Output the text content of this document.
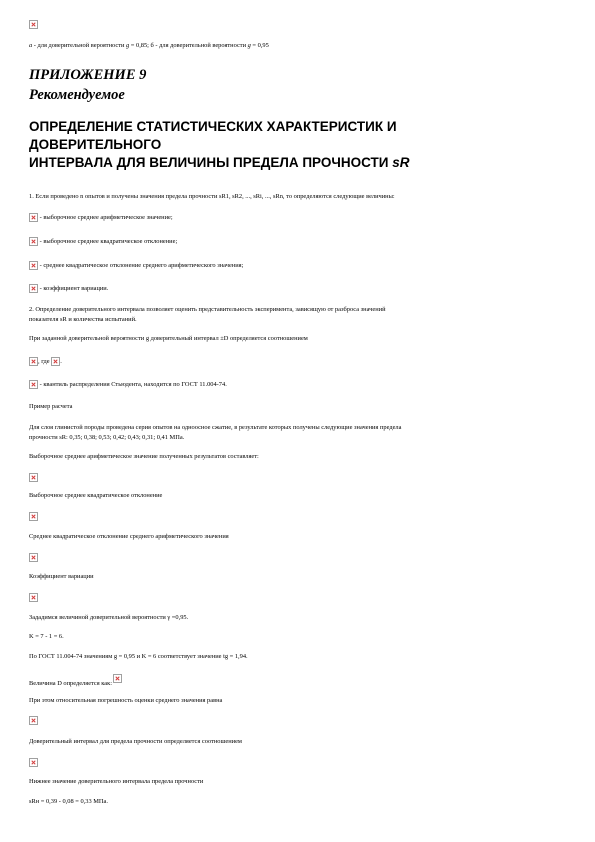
а - для доверительной вероятности g = 0,85; б - для доверительной вероятности g = 0,95
ПРИЛОЖЕНИЕ 9
Рекомендуемое
ОПРЕДЕЛЕНИЕ СТАТИСТИЧЕСКИХ ХАРАКТЕРИСТИК И
ДОВЕРИТЕЛЬНОГО
ИНТЕРВАЛА ДЛЯ ВЕЛИЧИНЫ ПРЕДЕЛА ПРОЧНОСТИ sR
1. Если проведено n опытов и получены значения предела прочности sR1, sR2, ..., sRi, ..., sRn, то определяются следующие величины:
- выборочное среднее арифметическое значение;
- выборочное среднее квадратическое отклонение;
- среднее квадратическое отклонение среднего арифметического значения;
- коэффициент вариации.
2. Определение доверительного интервала позволяет оценить представительность эксперимента, зависящую от разброса значений
показателя sR и количества испытаний.
При заданной доверительной вероятности g доверительный интервал ±D определяется соотношением
, где .
- квантиль распределения Стьюдента, находится по ГОСТ 11.004-74.
Пример расчета
Для слоя глинистой породы проведена серия опытов на одноосное сжатие, в результате которых получены следующие значения предела
прочности sR: 0,35; 0,38; 0,53; 0,42; 0,43; 0,31; 0,41 МПа.
Выборочное среднее арифметическое значение полученных результатов составляет:
Выборочное среднее квадратическое отклонение
Среднее квадратическое отклонение среднего арифметического значения
Коэффициент вариации
Зададимся величиной доверительной вероятности γ =0,95.
K = 7 - 1 = 6.
По ГОСТ 11.004-74 значениям g = 0,95 и K = 6 соответствует значение tg = 1,94.
Величина D определяется как:
При этом относительная погрешность оценки среднего значения равна
Доверительный интервал для предела прочности определяется соотношением
Нижнее значение доверительного интервала предела прочности
sRн = 0,39 - 0,08 = 0,33 МПа.
